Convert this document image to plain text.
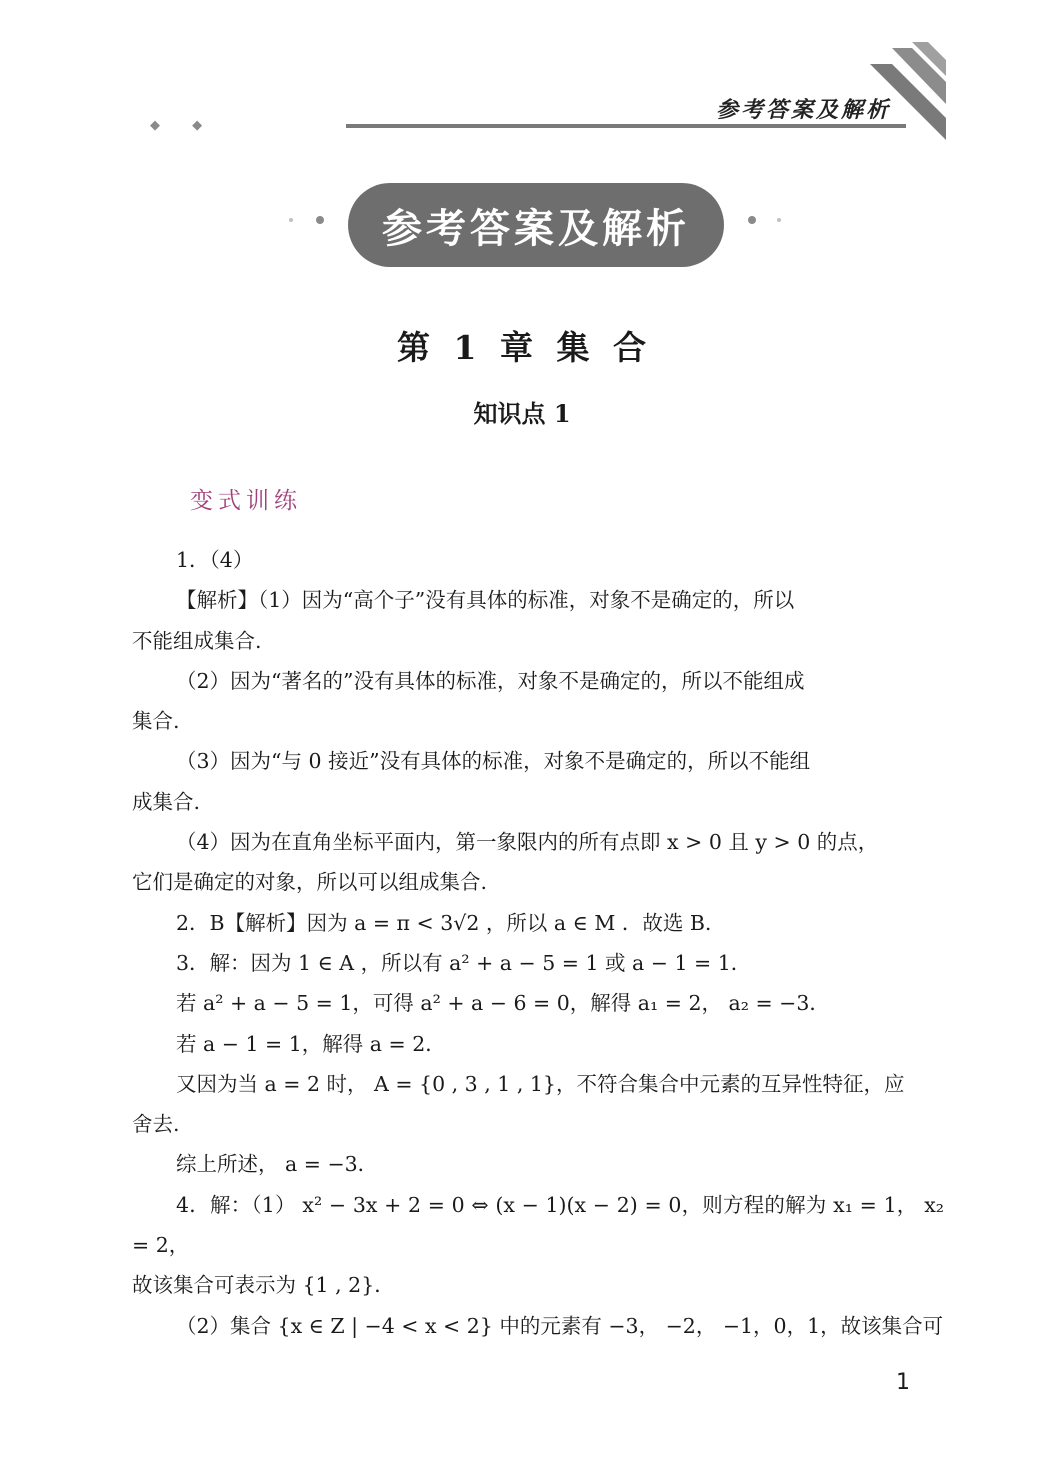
◆ ◆
参考答案及解析
参考答案及解析
第 1 章 集 合
知识点 1
变式训练

1．（4）

【解析】（1）因为“高个子”没有具体的标准，对象不是确定的，所以

不能组成集合.

（2）因为“著名的”没有具体的标准，对象不是确定的，所以不能组成

集合.

（3）因为“与 0 接近”没有具体的标准，对象不是确定的，所以不能组

成集合.

（4）因为在直角坐标平面内，第一象限内的所有点即 x > 0 且 y > 0 的点，

它们是确定的对象，所以可以组成集合.

2．B【解析】因为 a = π < 3√2 ，所以 a ∈ M ．故选 B.

3．解：因为 1 ∈ A ，所以有 a² + a − 5 = 1 或 a − 1 = 1．

若 a² + a − 5 = 1，可得 a² + a − 6 = 0，解得 a₁ = 2， a₂ = −3．

若 a − 1 = 1，解得 a = 2．

又因为当 a = 2 时， A = {0 , 3 , 1 , 1}，不符合集合中元素的互异性特征，应

舍去.

综上所述， a = −3．

4．解：（1） x² − 3x + 2 = 0 ⇔ (x − 1)(x − 2) = 0，则方程的解为 x₁ = 1， x₂ = 2，

故该集合可表示为 {1 , 2}．

（2）集合 {x ∈ Z | −4 < x < 2} 中的元素有 −3， −2， −1，0，1，故该集合可

1
